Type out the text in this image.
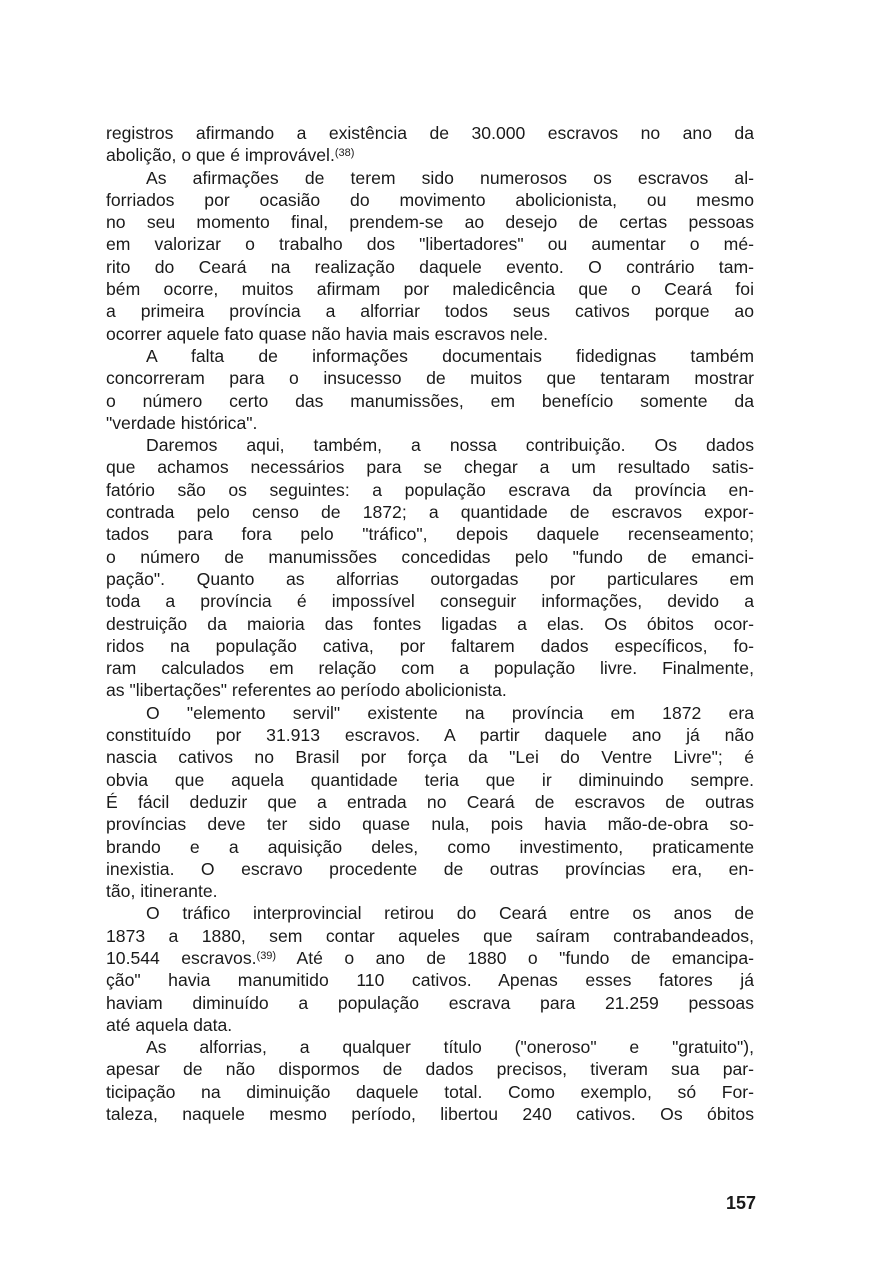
registros afirmando a existência de 30.000 escravos no ano da
abolição, o que é improvável.$^{(38)}$
As afirmações de terem sido numerosos os escravos al-
forriados por ocasião do movimento abolicionista, ou mesmo
no seu momento final, prendem-se ao desejo de certas pessoas
em valorizar o trabalho dos "libertadores" ou aumentar o mé-
rito do Ceará na realização daquele evento. O contrário tam-
bém ocorre, muitos afirmam por maledicência que o Ceará foi
a primeira província a alforriar todos seus cativos porque ao
ocorrer aquele fato quase não havia mais escravos nele.
A falta de informações documentais fidedignas também
concorreram para o insucesso de muitos que tentaram mostrar
o número certo das manumissões, em benefício somente da
"verdade histórica".
Daremos aqui, também, a nossa contribuição. Os dados
que achamos necessários para se chegar a um resultado satis-
fatório são os seguintes: a população escrava da província en-
contrada pelo censo de 1872; a quantidade de escravos expor-
tados para fora pelo "tráfico", depois daquele recenseamento;
o número de manumissões concedidas pelo "fundo de emanci-
pação". Quanto as alforrias outorgadas por particulares em
toda a província é impossível conseguir informações, devido a
destruição da maioria das fontes ligadas a elas. Os óbitos ocor-
ridos na população cativa, por faltarem dados específicos, fo-
ram calculados em relação com a população livre. Finalmente,
as "libertações" referentes ao período abolicionista.
O "elemento servil" existente na província em 1872 era
constituído por 31.913 escravos. A partir daquele ano já não
nascia cativos no Brasil por força da "Lei do Ventre Livre"; é
obvia que aquela quantidade teria que ir diminuindo sempre.
É fácil deduzir que a entrada no Ceará de escravos de outras
províncias deve ter sido quase nula, pois havia mão-de-obra so-
brando e a aquisição deles, como investimento, praticamente
inexistia. O escravo procedente de outras províncias era, en-
tão, itinerante.
O tráfico interprovincial retirou do Ceará entre os anos de
1873 a 1880, sem contar aqueles que saíram contrabandeados,
10.544 escravos.$^{(39)}$ Até o ano de 1880 o "fundo de emancipa-
ção" havia manumitido 110 cativos. Apenas esses fatores já
haviam diminuído a população escrava para 21.259 pessoas
até aquela data.
As alforrias, a qualquer título ("oneroso" e "gratuito"),
apesar de não dispormos de dados precisos, tiveram sua par-
ticipação na diminuição daquele total. Como exemplo, só For-
taleza, naquele mesmo período, libertou 240 cativos. Os óbitos
157
